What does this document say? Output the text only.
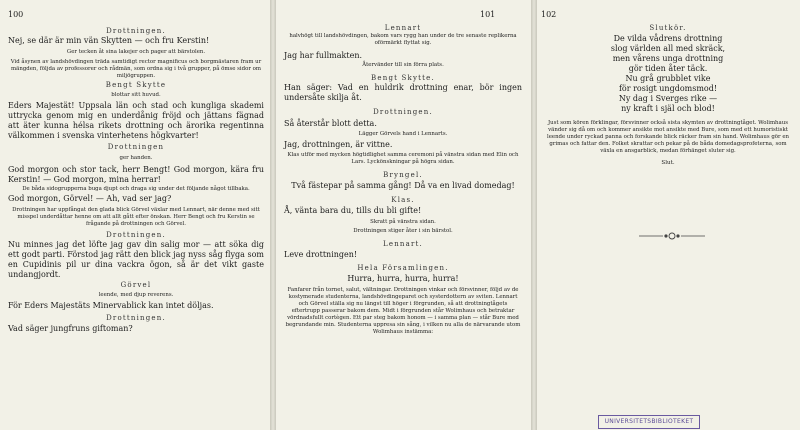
100

Drottningen.

Nej, se där är min vän Skytten — och fru Kerstin!

Ger tecken åt sina lakejer och pager att bärstolen.

Vid åsynen av landshövdingen träda samtidigt rector magnificus och borgmästaren fram ur mängden, följda av professorer och rådmän, som ordna sig i två grupper, på ömse sidor om miljögruppen.

Bengt Skytte

blottar sitt huvud.

Eders Majestät! Uppsala län och stad och kungliga skademi uttrycka genom mig en underdånig fröjd och jättans fägnad att äter kunna hélsa rikets drottning och ärorika regentinna välkommen i svenska vinterhetens högkvarter!

Drottningen

ger handen.

God morgon och stor tack, herr Bengt! God morgon, kära fru Kerstin! — God morgon, mina herrar!

De båda sidogrupperna buga djupt och draga sig under det följande något tillbaka.

God morgon, Görvel! — Ah, vad ser jag?

Drottningen har uppfångat den glada blick Görvel växlar med Lennart, när denne med sitt misspel underdåttar henne om att allt gått efter önskan. Herr Bengt och fru Kerstin se frågande på drottningen och Görvel.

Drottningen.

Nu minnes jag det löfte jag gav din salig mor — att söka dig ett godt parti. Förstod jag rätt den blick jag nyss såg flyga som en Cupidinis pil ur dina vackra ögon, så är det vikt gaste undangjordt.

Görvel

leende, med djup reverens.

För Eders Majestäts Minervablick kan intet döljas.

Drottningen.

Vad säger jungfruns giftoman?

101

Lennart

halvhögt till landshövdingen, bakom vars rygg han under de tre senaste replikerna oförmärkt flyttat sig.

Jag har fullmakten.

Återvänder till sin förra plats.

Bengt Skytte.

Han säger: Vad en huldrik drottning enar, bör ingen undersåte skilja åt.

Drottningen.

Så återstår blott detta.

Lägger Görvels hand i Lennarts.

Jag, drottningen, är vittne.

Klas utför med mycken högtidlighet samma ceremoni på vänstra sidan med Elin och Lars. Lyckönskningar på högra sidan.

Bryngel.

Två fästepar på samma gång! Då va en livad domedag!

Klas.

Å, vänta bara du, tills du bli gifte!

Skratt på vänstra sidan.

Drottningen stiger åter i sin bärstol.

Lennart.

Leve drottningen!

Hela Församlingen.

Hurra, hurra, hurra, hurra!

Fanfarer från tornet, salut, vältningar. Drottningen vinkar och försvinner, följd av de kostymerade studenterna, landshövdingeparet och systerdottern av sviten. Lennart och Görvel ställa sig nu längst till höger i förgrunden, så att drottningtågets eftertrupp passerar bakom dem. Midt i förgrunden står Wolimhaus och betraktar vördnadsfullt cortègen. Ett par steg bakom honom — i samma plan — står Bure med begrundande min. Studenterna uppresa sin sång, i vilken nu alla de närvarande utom Wolimhaus instämma:

102

Slutkör.

De vilda vådrens drottning

slog världen all med skräck,

men vårens unga drottning

gör tiden åter täck.

Nu grå grubblet vike

för rosigt ungdomsmod!

Ny dag i Sverges rike —

ny kraft i själ och blod!

Just som kören förklingar, försvinner också sista skymten av drottningtåget. Wolimhaus vänder sig då om och kommer ansikte mot ansikte med Bure, som med ett humoristiskt leende under ryckad panna och forskande blick räcker fram sin hand. Wolimhaus gör en grimas och fattar den. Folket skrattar och pekar på de båda domedagsprofeterna, som växla en ansgarblick, medan förhänget sluter sig.

Slut.

UNIVERSITETSBIBLIOTEKET
